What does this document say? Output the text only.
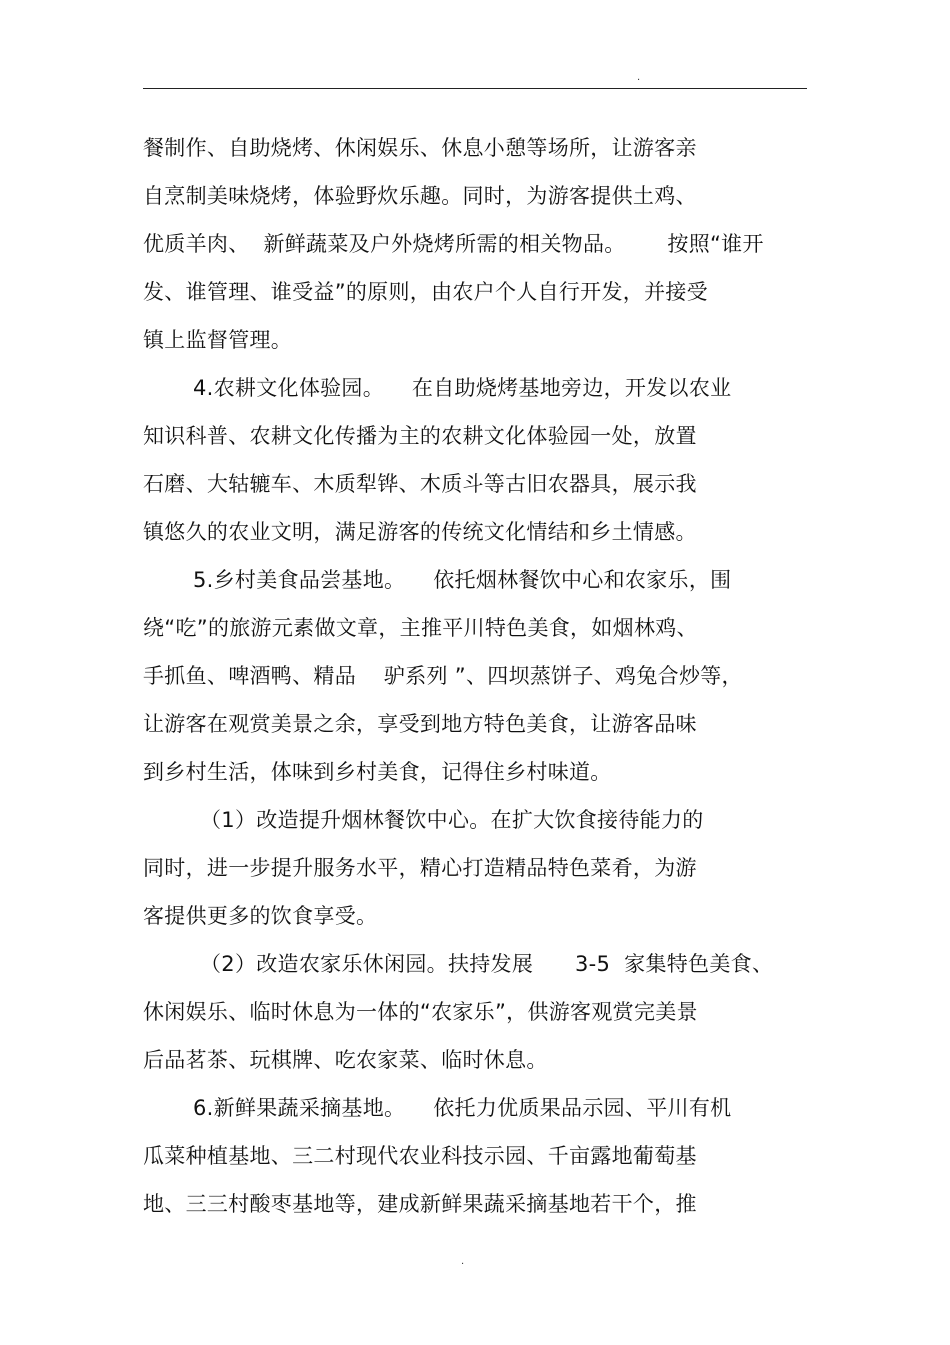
.
餐制作、自助烧烤、休闲娱乐、休息小憩等场所，让游客亲
自烹制美味烧烤，体验野炊乐趣。同时，为游客提供土鸡、
优质羊肉、  新鲜蔬菜及户外烧烤所需的相关物品。      按照“谁开
发、谁管理、谁受益”的原则，由农户个人自行开发，并接受
镇上监督管理。
4.农耕文化体验园。    在自助烧烤基地旁边，开发以农业
知识科普、农耕文化传播为主的农耕文化体验园一处，放置
石磨、大轱辘车、木质犁铧、木质斗等古旧农器具，展示我
镇悠久的农业文明，满足游客的传统文化情结和乡土情感。
5.乡村美食品尝基地。    依托烟林餐饮中心和农家乐，围
绕“吃”的旅游元素做文章，主推平川特色美食，如烟林鸡、
手抓鱼、啤酒鸭、精品    驴系列 ”、四坝蒸饼子、鸡兔合炒等，
让游客在观赏美景之余，享受到地方特色美食，让游客品味
到乡村生活，体味到乡村美食，记得住乡村味道。
（1）改造提升烟林餐饮中心。在扩大饮食接待能力的
同时，进一步提升服务水平，精心打造精品特色菜肴，为游
客提供更多的饮食享受。
（2）改造农家乐休闲园。扶持发展      3-5  家集特色美食、
休闲娱乐、临时休息为一体的“农家乐”，供游客观赏完美景
后品茗茶、玩棋牌、吃农家菜、临时休息。
6.新鲜果蔬采摘基地。    依托力优质果品示园、平川有机
瓜菜种植基地、三二村现代农业科技示园、千亩露地葡萄基
地、三三村酸枣基地等，建成新鲜果蔬采摘基地若干个，推
.
